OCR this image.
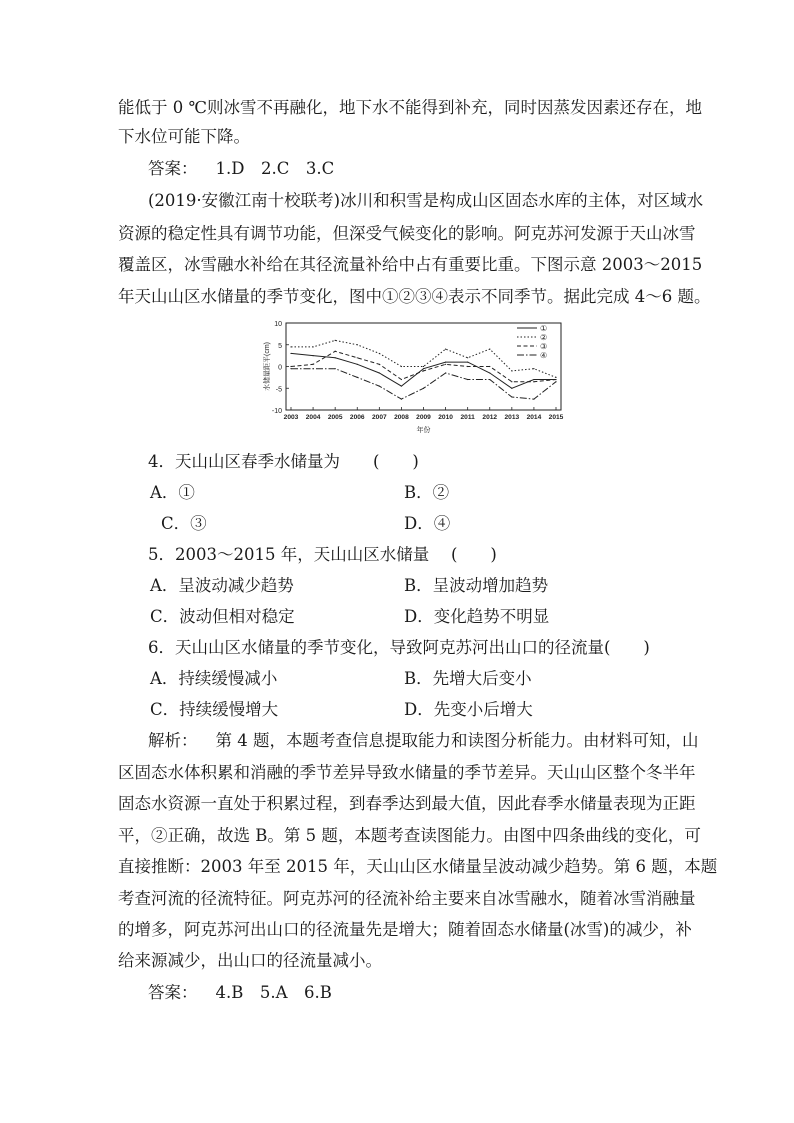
能低于 0 ℃则冰雪不再融化，地下水不能得到补充，同时因蒸发因素还存在，地
下水位可能下降。
答案： 1.D　2.C　3.C
(2019·安徽江南十校联考)冰川和积雪是构成山区固态水库的主体，对区域水
资源的稳定性具有调节功能，但深受气候变化的影响。阿克苏河发源于天山冰雪
覆盖区，冰雪融水补给在其径流量补给中占有重要比重。下图示意 2003～2015
年天山山区水储量的季节变化，图中①②③④表示不同季节。据此完成 4～6 题。
-10
-5
0
5
10
2003 2004 2005 2006 2007 2008 2009 2010 2011 2012 2013 2014 2015
年份
水储量距平(cm)
①
②
③
④
4．天山山区春季水储量为　　(　　)
A．①	B．②
C．③	D．④
5．2003～2015 年，天山山区水储量　 (　　)
A．呈波动减少趋势	B．呈波动增加趋势
C．波动但相对稳定	D．变化趋势不明显
6．天山山区水储量的季节变化，导致阿克苏河出山口的径流量(　　)
A．持续缓慢减小	B．先增大后变小
C．持续缓慢增大	D．先变小后增大
解析： 第 4 题，本题考查信息提取能力和读图分析能力。由材料可知，山
区固态水体积累和消融的季节差异导致水储量的季节差异。天山山区整个冬半年
固态水资源一直处于积累过程，到春季达到最大值，因此春季水储量表现为正距
平，②正确，故选 B。第 5 题，本题考查读图能力。由图中四条曲线的变化，可
直接推断：2003 年至 2015 年，天山山区水储量呈波动减少趋势。第 6 题，本题
考查河流的径流特征。阿克苏河的径流补给主要来自冰雪融水，随着冰雪消融量
的增多，阿克苏河出山口的径流量先是增大；随着固态水储量(冰雪)的减少，补
给来源减少，出山口的径流量减小。
答案： 4.B　5.A　6.B
